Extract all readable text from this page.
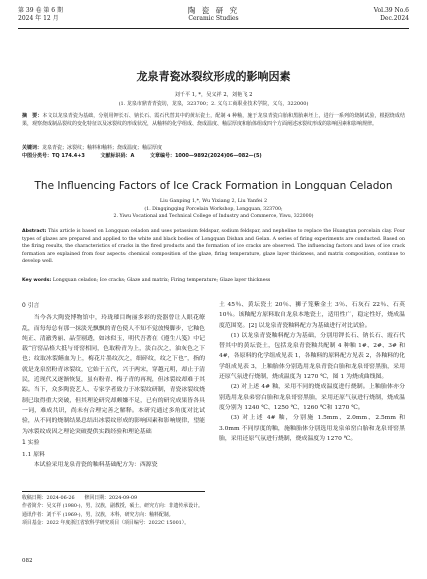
第 39 卷 第 6 期
2024 年 12 月
陶 瓷 研 究
Ceramic Studies
Vol.39 No.6
Dec.2024
龙泉青瓷冰裂纹形成的影响因素
刘千平 1, *，吴义祥 2，刘艳飞 2
(1. 龙泉市鼎青青瓷坊，龙泉，323700；2. 义乌工商职业技术学院，义乌，322000)
摘　要：本文以龙泉青瓷为基础，分别用钾长石、钠长石、霞石代替其中的黄坛瓷土，配制 4 种釉，施于龙泉青瓷白胎和黑胎素坯上，进行一系列的烧制试验，根据烧成结果，观察烧成制品裂纹的变化特征以及冰裂纹的形成状况，从釉料的化学组成、烧成温度、釉层厚度和胎体组成四个方面阐述冰裂纹形成的影响因素和影响规律。
关键词：龙泉青瓷；冰裂纹；釉料和釉料；烧成温度；釉层厚度
中图分类号：TQ 174.4+3	文献标识码：A	文章编号：1000—9892(2024)06—082—(5)
The Influencing Factors of Ice Crack Formation in Longquan Celadon
Liu Ganping 1,*, Wu Yixiang 2, Liu Yanfei 2
(1. Dingqingqing Porcelain Workshop, Longquan, 323700;
2. Yiwu Vocational and Technical College of Industry and Commerce, Yiwu, 322000)
Abstract: This article is based on Longquan celadon and uses potassium feldspar, sodium feldspar, and nepheline to replace the Huangtan porcelain clay. Four types of glazes are prepared and applied to the white and black bodies of Longquan Dishan and Gelan. A series of firing experiments are conducted. Based on the firing results, the characteristics of cracks in the fired products and the formation of ice cracks are observed. The influencing factors and laws of ice crack formation are explained from four aspects: chemical composition of the glaze, firing temperature, glaze layer thickness, and matrix composition, continue to develop well.
Key words: Longquan celadon; Ice cracks; Glaze and matrix; Firing temperature; Glaze layer thickness
0 引言

当今各大陶瓷博物馆中，玲珑璀目绚丽多彩的瓷器曾让人眼花缭乱，而每每总有那一抹淡光飘飘的青色使人不知不觉放慢脚步，它釉色纯正、清澈秀丽、晶莹剔透，如冰似玉，明代吾著在《遵生八笺》中记载“官窑品格大抵与哥窑相同，色取粉青为上，淡白次之，油灰色之下也；纹取冰裂鳝血为上，梅花片墨纹次之，细碎纹，纹之下也”，指的就是龙泉窑粉青冰裂纹，它始于五代，兴于两宋，穿越元明，却止于清民，近现代又逐渐恢复，虽有粉青、梅子青的再现，但冰裂纹却难于其踪。当下，众多陶瓷艺人、专家学者致力于冰裂纹研制，青瓷冰裂纹烧制已取得重大突破，但其理论研究却颇嫌不足，已有的研究成果皆各具一词，难成共识，尚未有合理完善之解释。本研究通过多角度对比试验，从不同的烧制结果总结出冰裂纹形成的影响因素和影响规律，望能为冰裂纹成因之理论突破提供实践经验和理论基础

1 实验
1.1 原料

本试验采用龙泉青瓷的釉料基础配方为：西源瓷

收稿日期：2024-06-26　　修回日期：2024-09-09
作者简介：吴义祥 (1980-)，男，汉族，副教授，硕士，研究方向：非遗传承设计。
通讯作者：刘千平 (1969-)，男，汉族，本科，研究方向：釉料配制。
项目基金：2022 年度浙江省软科学研究项目（项目编号：2022C 15001）。

土 45％、黄坛瓷土 20％、狮子笼紫金土 3％、石灰石 22％、石英 10％。该釉配方原料取自龙泉本地瓷土，适用性广，稳定性好，烧成温度范围宽。[2] 以龙泉青瓷釉料配方为基础进行对比试验。

(1) 以龙泉青瓷釉料配方为基础，分别用钾长石、钠长石、霞石代替其中的黄坛瓷土，包括龙泉青瓷釉共配制 4 种釉 1#、2#、3# 和 4#，各原料的化学组成见表 1，各釉料的原料配方见表 2，各釉料的化学组成见表 3，上釉胎体分别选用龙泉青瓷白胎和龙泉哥窑黑胎，采用还原气氛进行烧制，烧成温度为 1270 ℃，图 1 为烧成曲线图。

(2) 对上述 4# 釉，采用不同的烧成温度进行烧制。上釉胎体亦分别选用龙泉弟窑白胎和龙泉哥窑黑胎，采用还原气氛进行烧制，烧成温度分别为 1240 ℃、1250 ℃、1260 ℃和 1270 ℃。

(3) 对上述 4# 釉，分别施 1.5mm、2.0mm、2.5mm 和 3.0mm 不同厚度的釉，施釉胎体分别选用龙泉弟窑白胎和龙泉哥窑黑胎，采用还原气氛进行烧制，烧成温度为 1270 ℃。

082
